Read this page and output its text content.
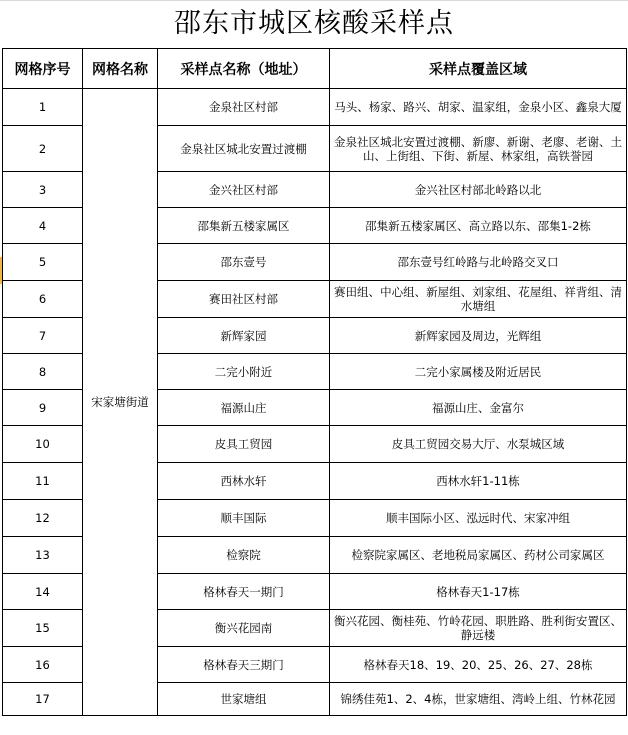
邵东市城区核酸采样点
网格序号	网格名称	采样点名称（地址）	采样点覆盖区域
1	宋家塘街道	金泉社区村部	马头、杨家、路兴、胡家、温家组，金泉小区、鑫泉大厦
2		金泉社区城北安置过渡棚	金泉社区城北安置过渡棚、新廖、新谢、老廖、老谢、土山、上街组、下街、新屋、林家组，高铁誉园
3		金兴社区村部	金兴社区村部北岭路以北
4		邵集新五楼家属区	邵集新五楼家属区、高立路以东、邵集1-2栋
5		邵东壹号	邵东壹号红岭路与北岭路交叉口
6		赛田社区村部	赛田组、中心组、新屋组、刘家组、花屋组、祥背组、清水塘组
7		新辉家园	新辉家园及周边，光辉组
8		二完小附近	二完小家属楼及附近居民
9		福源山庄	福源山庄、金富尔
10		皮具工贸园	皮具工贸园交易大厅、水泵城区域
11		西林水轩	西林水轩1-11栋
12		顺丰国际	顺丰国际小区、泓远时代、宋家冲组
13		检察院	检察院家属区、老地税局家属区、药材公司家属区
14		格林春天一期门	格林春天1-17栋
15		衡兴花园南	衡兴花园、衡桂苑、竹岭花园、职胜路、胜利街安置区、静远楼
16		格林春天三期门	格林春天18、19、20、25、26、27、28栋
17		世家塘组	锦绣佳苑1、2、4栋，世家塘组、湾岭上组、竹林花园
